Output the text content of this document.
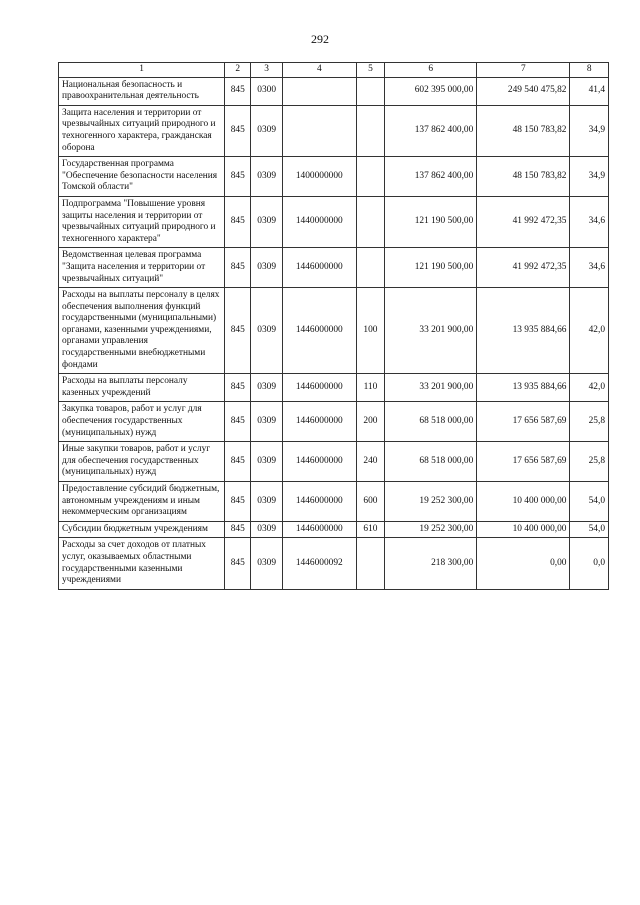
292
1	2	3	4	5	6	7	8
Национальная безопасность и правоохранительная деятельность	845	0300			602 395 000,00	249 540 475,82	41,4
Защита населения и территории от чрезвычайных ситуаций природного и техногенного характера, гражданская оборона	845	0309			137 862 400,00	48 150 783,82	34,9
Государственная программа "Обеспечение безопасности населения Томской области"	845	0309	1400000000		137 862 400,00	48 150 783,82	34,9
Подпрограмма "Повышение уровня защиты населения и территории от чрезвычайных ситуаций природного и техногенного характера"	845	0309	1440000000		121 190 500,00	41 992 472,35	34,6
Ведомственная целевая программа "Защита населения и территории от чрезвычайных ситуаций"	845	0309	1446000000		121 190 500,00	41 992 472,35	34,6
Расходы на выплаты персоналу в целях обеспечения выполнения функций государственными (муниципальными) органами, казенными учреждениями, органами управления государственными внебюджетными фондами	845	0309	1446000000	100	33 201 900,00	13 935 884,66	42,0
Расходы на выплаты персоналу казенных учреждений	845	0309	1446000000	110	33 201 900,00	13 935 884,66	42,0
Закупка товаров, работ и услуг для обеспечения государственных (муниципальных) нужд	845	0309	1446000000	200	68 518 000,00	17 656 587,69	25,8
Иные закупки товаров, работ и услуг для обеспечения государственных (муниципальных) нужд	845	0309	1446000000	240	68 518 000,00	17 656 587,69	25,8
Предоставление субсидий бюджетным, автономным учреждениям и иным некоммерческим организациям	845	0309	1446000000	600	19 252 300,00	10 400 000,00	54,0
Субсидии бюджетным учреждениям	845	0309	1446000000	610	19 252 300,00	10 400 000,00	54,0
Расходы за счет доходов от платных услуг, оказываемых областными государственными казенными учреждениями	845	0309	1446000092		218 300,00	0,00	0,0
